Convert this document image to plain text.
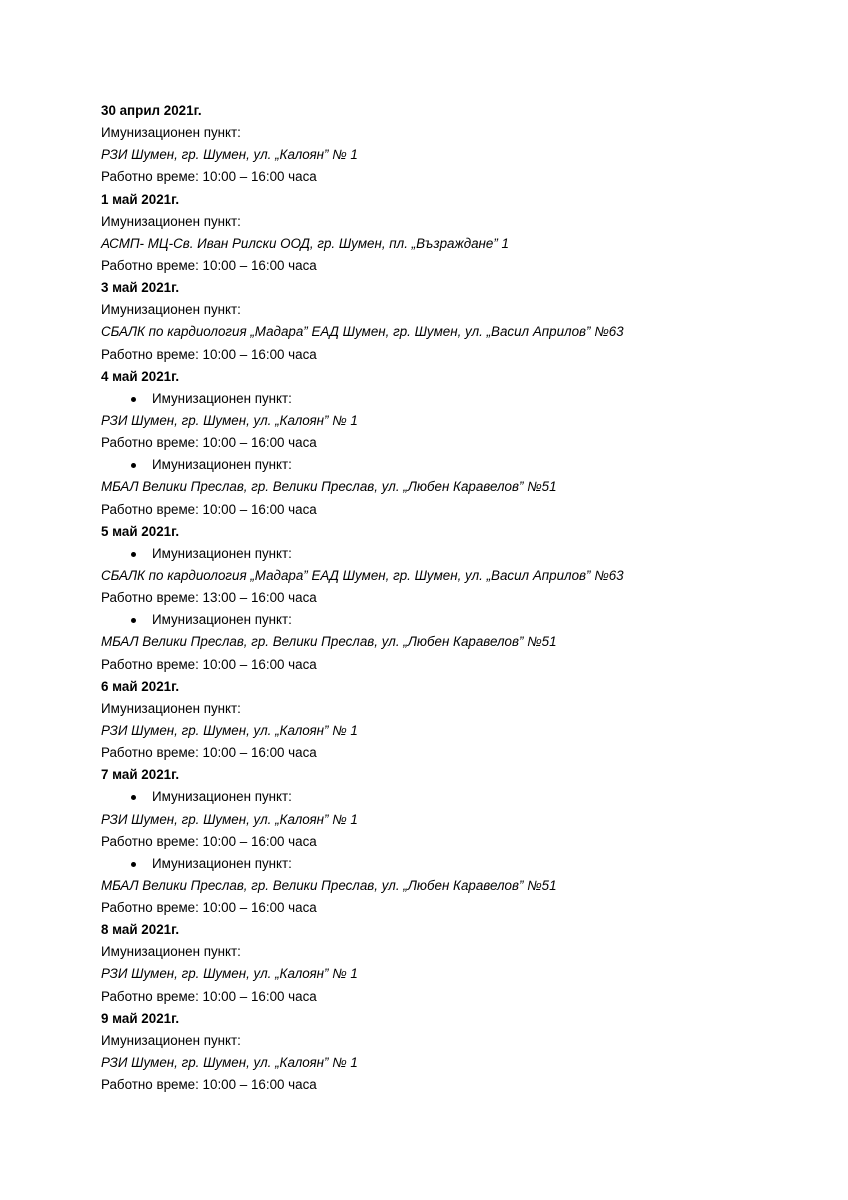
30 април 2021г.
Имунизационен пункт:
РЗИ Шумен, гр. Шумен, ул. „Калоян” № 1
Работно време: 10:00 – 16:00 часа
1 май 2021г.
Имунизационен пункт:
АСМП- МЦ-Св. Иван Рилски ООД, гр. Шумен, пл. „Възраждане” 1
Работно време: 10:00 – 16:00 часа
3 май 2021г.
Имунизационен пункт:
СБАЛК по кардиология „Мадара” ЕАД Шумен, гр. Шумен, ул. „Васил Априлов” №63
Работно време: 10:00 – 16:00 часа
4 май 2021г.
Имунизационен пункт:
РЗИ Шумен, гр. Шумен, ул. „Калоян” № 1
Работно време: 10:00 – 16:00 часа
Имунизационен пункт:
МБАЛ Велики Преслав, гр. Велики Преслав, ул. „Любен Каравелов” №51
Работно време: 10:00 – 16:00 часа
5 май 2021г.
Имунизационен пункт:
СБАЛК по кардиология „Мадара” ЕАД Шумен, гр. Шумен, ул. „Васил Априлов” №63
Работно време: 13:00 – 16:00 часа
Имунизационен пункт:
МБАЛ Велики Преслав, гр. Велики Преслав, ул. „Любен Каравелов” №51
Работно време: 10:00 – 16:00 часа
6 май 2021г.
Имунизационен пункт:
РЗИ Шумен, гр. Шумен, ул. „Калоян” № 1
Работно време: 10:00 – 16:00 часа
7 май 2021г.
Имунизационен пункт:
РЗИ Шумен, гр. Шумен, ул. „Калоян” № 1
Работно време: 10:00 – 16:00 часа
Имунизационен пункт:
МБАЛ Велики Преслав, гр. Велики Преслав, ул. „Любен Каравелов” №51
Работно време: 10:00 – 16:00 часа
8 май 2021г.
Имунизационен пункт:
РЗИ Шумен, гр. Шумен, ул. „Калоян” № 1
Работно време: 10:00 – 16:00 часа
9 май 2021г.
Имунизационен пункт:
РЗИ Шумен, гр. Шумен, ул. „Калоян” № 1
Работно време: 10:00 – 16:00 часа
